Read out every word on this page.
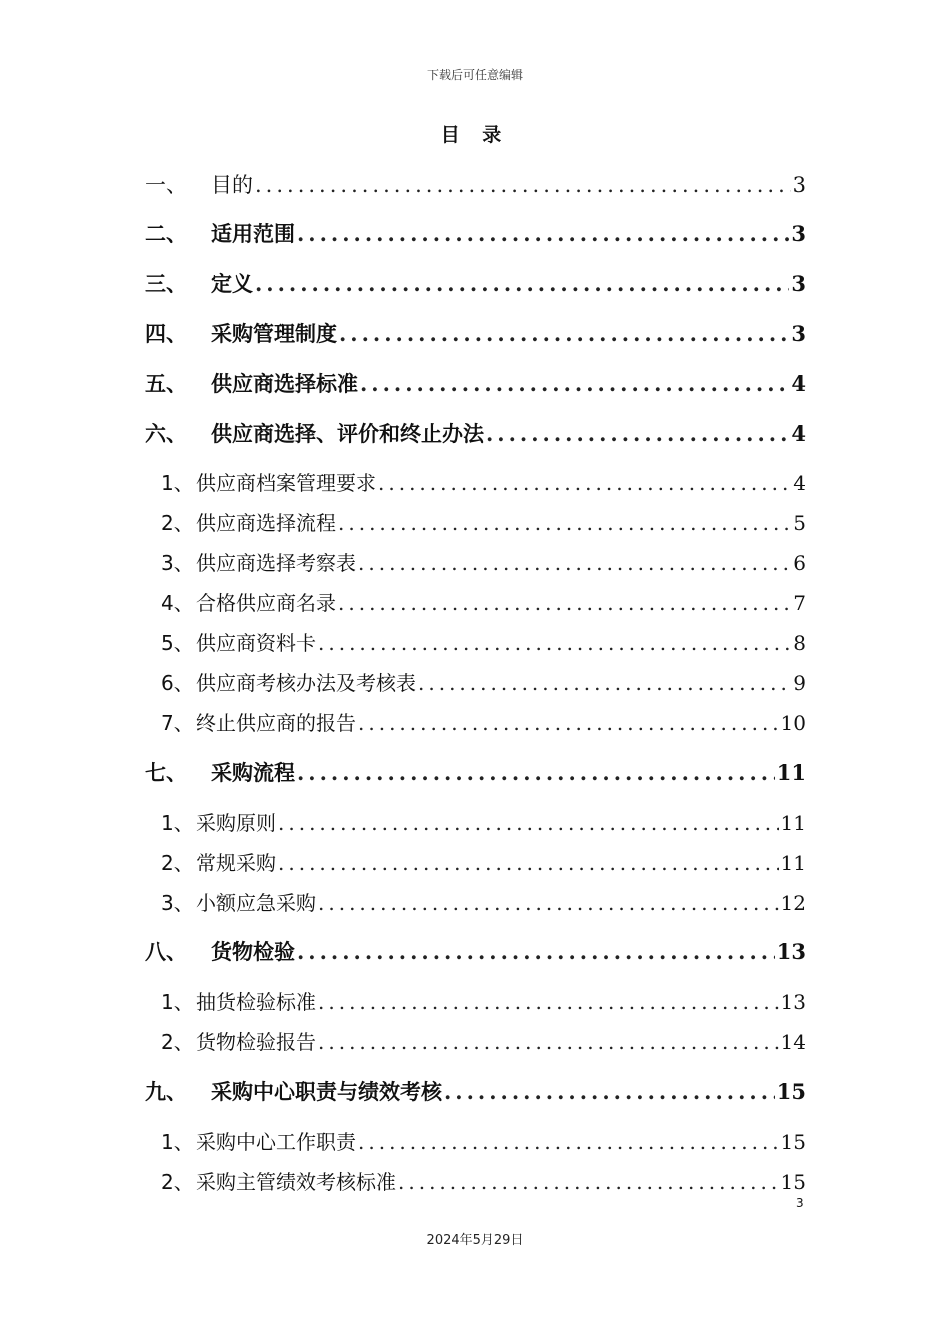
下载后可任意编辑
目 录
一、	目的 .....	3
二、	适用范围 .....	3
三、	定义 .....	3
四、	采购管理制度 .....	3
五、	供应商选择标准 .....	4
六、	供应商选择、评价和终止办法 .....	4
1、 供应商档案管理要求 .....	4
2、 供应商选择流程 .....	5
3、 供应商选择考察表 .....	6
4、 合格供应商名录 .....	7
5、 供应商资料卡 .....	8
6、 供应商考核办法及考核表 .....	9
7、 终止供应商的报告 .....	10
七、	采购流程 .....	11
1、 采购原则 .....	11
2、 常规采购 .....	11
3、 小额应急采购 .....	12
八、	货物检验 .....	13
1、 抽货检验标准 .....	13
2、 货物检验报告 .....	14
九、	采购中心职责与绩效考核 .....	15
1、 采购中心工作职责 .....	15
2、 采购主管绩效考核标准 .....	15
3
2024年5月29日
